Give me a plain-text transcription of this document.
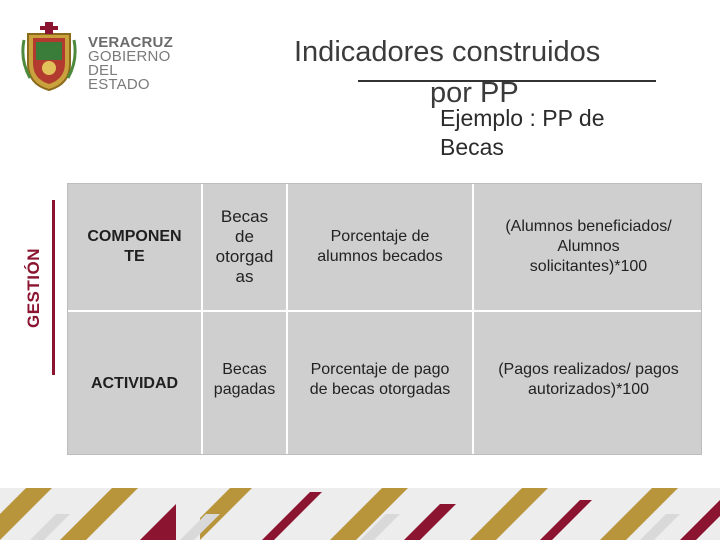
VERACRUZ
GOBIERNO
DEL ESTADO
Indicadores construidos
por PP
Ejemplo : PP de
Becas
GESTIÓN
COMPONEN
TE
Becas
de
otorgad
as
Porcentaje de
alumnos becados
(Alumnos beneficiados/
Alumnos
solicitantes)*100
ACTIVIDAD
Becas
pagadas
Porcentaje de pago
de becas otorgadas
(Pagos realizados/ pagos
autorizados)*100
